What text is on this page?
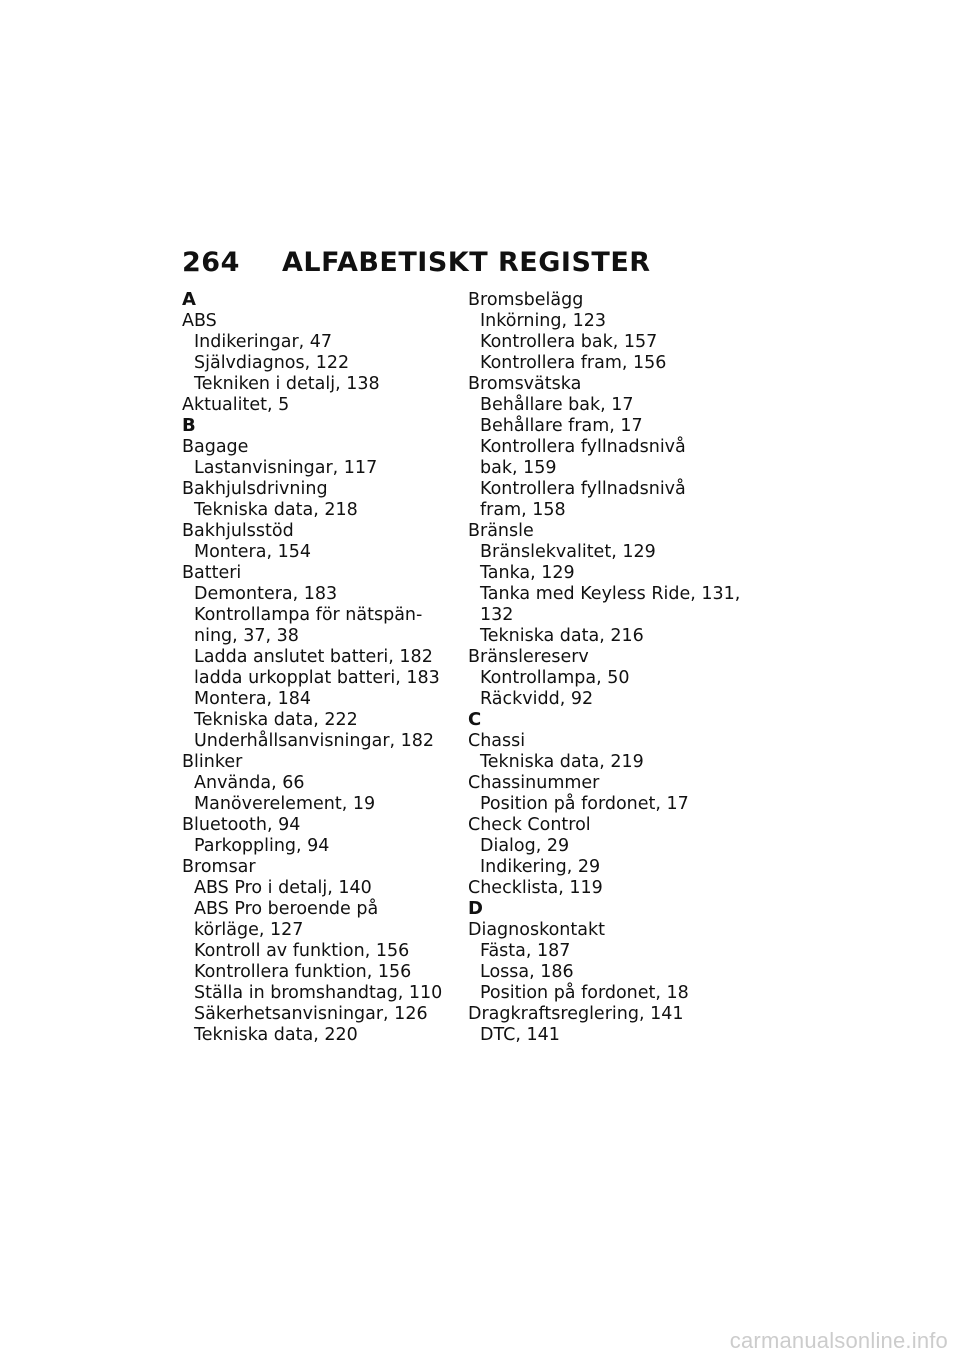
264	ALFABETISKT REGISTER
A
ABS
Indikeringar, 47
Självdiagnos, 122
Tekniken i detalj, 138
Aktualitet, 5
B
Bagage
Lastanvisningar, 117
Bakhjulsdrivning
Tekniska data, 218
Bakhjulsstöd
Montera, 154
Batteri
Demontera, 183
Kontrollampa för nätspän-
ning, 37, 38
Ladda anslutet batteri, 182
ladda urkopplat batteri, 183
Montera, 184
Tekniska data, 222
Underhållsanvisningar, 182
Blinker
Använda, 66
Manöverelement, 19
Bluetooth, 94
Parkoppling, 94
Bromsar
ABS Pro i detalj, 140
ABS Pro beroende på
körläge, 127
Kontroll av funktion, 156
Kontrollera funktion, 156
Ställa in bromshandtag, 110
Säkerhetsanvisningar, 126
Tekniska data, 220
Bromsbelägg
Inkörning, 123
Kontrollera bak, 157
Kontrollera fram, 156
Bromsvätska
Behållare bak, 17
Behållare fram, 17
Kontrollera fyllnadsnivå
bak, 159
Kontrollera fyllnadsnivå
fram, 158
Bränsle
Bränslekvalitet, 129
Tanka, 129
Tanka med Keyless Ride, 131,
132
Tekniska data, 216
Bränslereserv
Kontrollampa, 50
Räckvidd, 92
C
Chassi
Tekniska data, 219
Chassinummer
Position på fordonet, 17
Check Control
Dialog, 29
Indikering, 29
Checklista, 119
D
Diagnoskontakt
Fästa, 187
Lossa, 186
Position på fordonet, 18
Dragkraftsreglering, 141
DTC, 141
carmanualsonline.info
